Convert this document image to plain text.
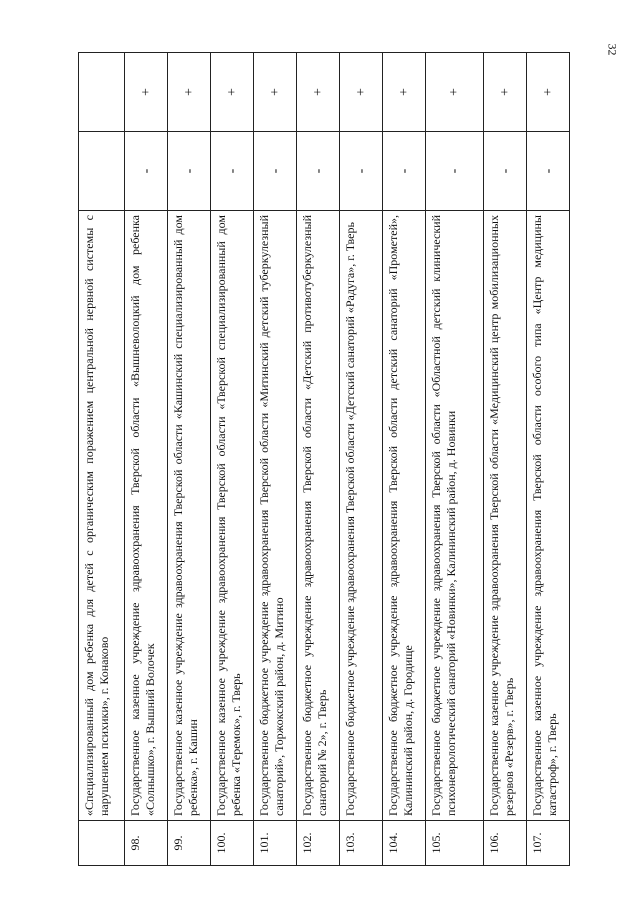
32
	«Специализированный дом ребенка для детей с органическим поражением центральной нервной системы с нарушением психики», г. Конаково		
98.	Государственное казенное учреждение здравоохранения Тверской области «Вышневолоцкий дом ребенка «Солнышко», г. Вышний Волочек	-	+
99.	Государственное казенное учреждение здравоохранения Тверской области «Кашинский специализированный дом ребенка», г. Кашин	-	+
100.	Государственное казенное учреждение здравоохранения Тверской области «Тверской специализированный дом ребенка «Теремок», г. Тверь	-	+
101.	Государственное бюджетное учреждение здравоохранения Тверской области «Митинский детский туберкулезный санаторий», Торжокский район, д. Митино	-	+
102.	Государственное бюджетное учреждение здравоохранения Тверской области «Детский противотуберкулезный санаторий № 2», г. Тверь	-	+
103.	Государственное бюджетное учреждение здравоохранения Тверской области «Детский санаторий «Радуга», г. Тверь	-	+
104.	Государственное бюджетное учреждение здравоохранения Тверской области детский санаторий «Прометей», Калининский район, д. Городище	-	+
105.	Государственное бюджетное учреждение здравоохранения Тверской области «Областной детский клинический психоневрологический санаторий «Новинки», Калининский район, д. Новинки	-	+
106.	Государственное казенное учреждение здравоохранения Тверской области «Медицинский центр мобилизационных резервов «Резерв», г. Тверь	-	+
107.	Государственное казенное учреждение здравоохранения Тверской области особого типа «Центр медицины катастроф», г. Тверь	-	+
